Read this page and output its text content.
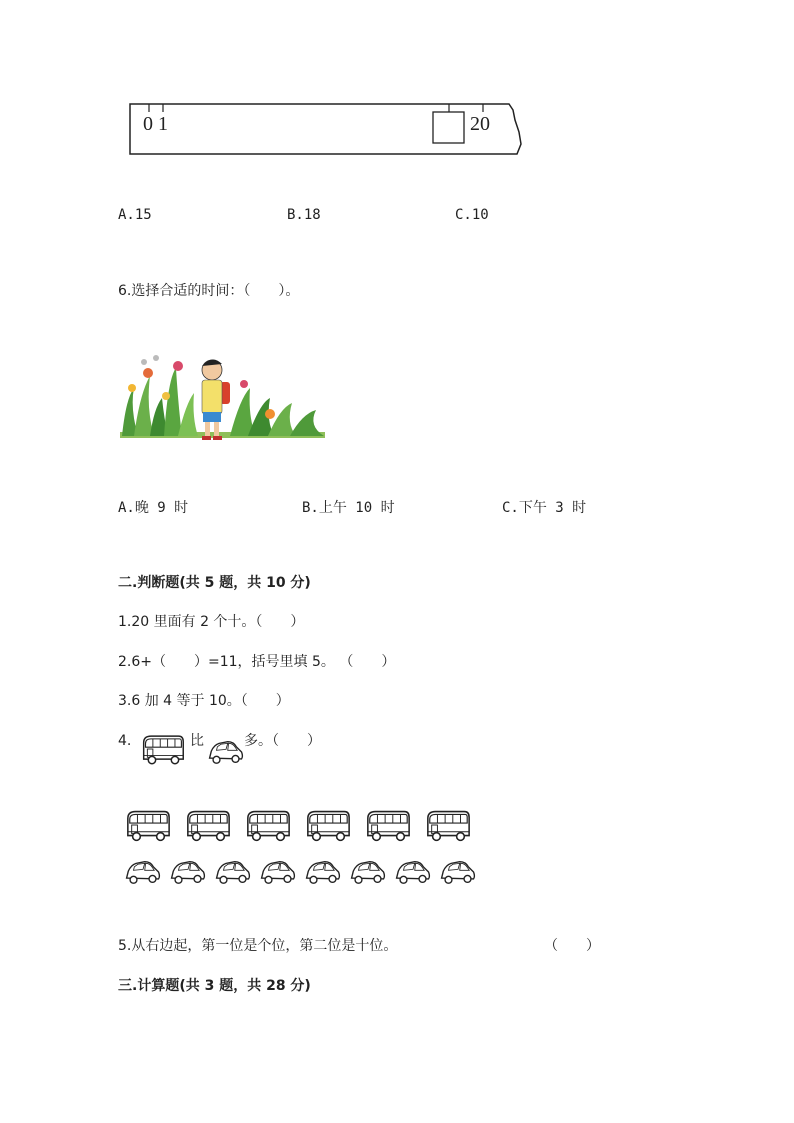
0 1	20
A.15	B.18	C.10
6.选择合适的时间：（　　）。
A.晚 9 时	B.上午 10 时	C.下午 3 时
二.判断题(共 5 题，共 10 分)
1.20 里面有 2 个十。（　　）
2.6+（　　）=11，括号里填 5。 （　　）
3.6 加 4 等于 10。（　　）
4.	比	多。（　　）
5.从右边起，第一位是个位，第二位是十位。	（　　）
三.计算题(共 3 题，共 28 分)
